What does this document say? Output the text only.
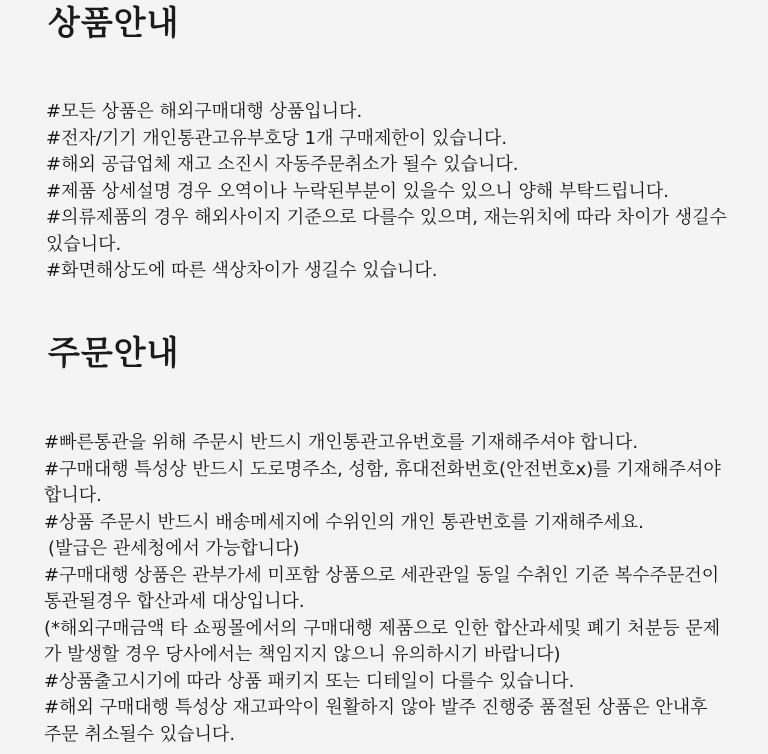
상품안내
#모든 상품은 해외구매대행 상품입니다.
#전자/기기 개인통관고유부호당 1개 구매제한이 있습니다.
#해외 공급업체 재고 소진시 자동주문취소가 될수 있습니다.
#제품 상세설명 경우 오역이나 누락된부분이 있을수 있으니 양해 부탁드립니다.
#의류제품의 경우 해외사이지 기준으로 다를수 있으며, 재는위치에 따라 차이가 생길수 있습니다.
#화면해상도에 따른 색상차이가 생길수 있습니다.
주문안내
#빠른통관을 위해 주문시 반드시 개인통관고유번호를 기재해주셔야 합니다.
#구매대행 특성상 반드시 도로명주소, 성함, 휴대전화번호(안전번호x)를 기재해주셔야 합니다.
#상품 주문시 반드시 배송메세지에 수위인의 개인 통관번호를 기재해주세요.
(발급은 관세청에서 가능합니다)
#구매대행 상품은 관부가세 미포함 상품으로 세관관일 동일 수취인 기준 복수주문건이 통관될경우 합산과세 대상입니다.
(*해외구매금액 타 쇼핑몰에서의 구매대행 제품으로 인한 합산과세및 폐기 처분등 문제가 발생할 경우 당사에서는 책임지지 않으니 유의하시기 바랍니다)
#상품출고시기에 따라 상품 패키지 또는 디테일이 다를수 있습니다.
#해외 구매대행 특성상 재고파악이 원활하지 않아 발주 진행중 품절된 상품은 안내후 주문 취소될수 있습니다.
